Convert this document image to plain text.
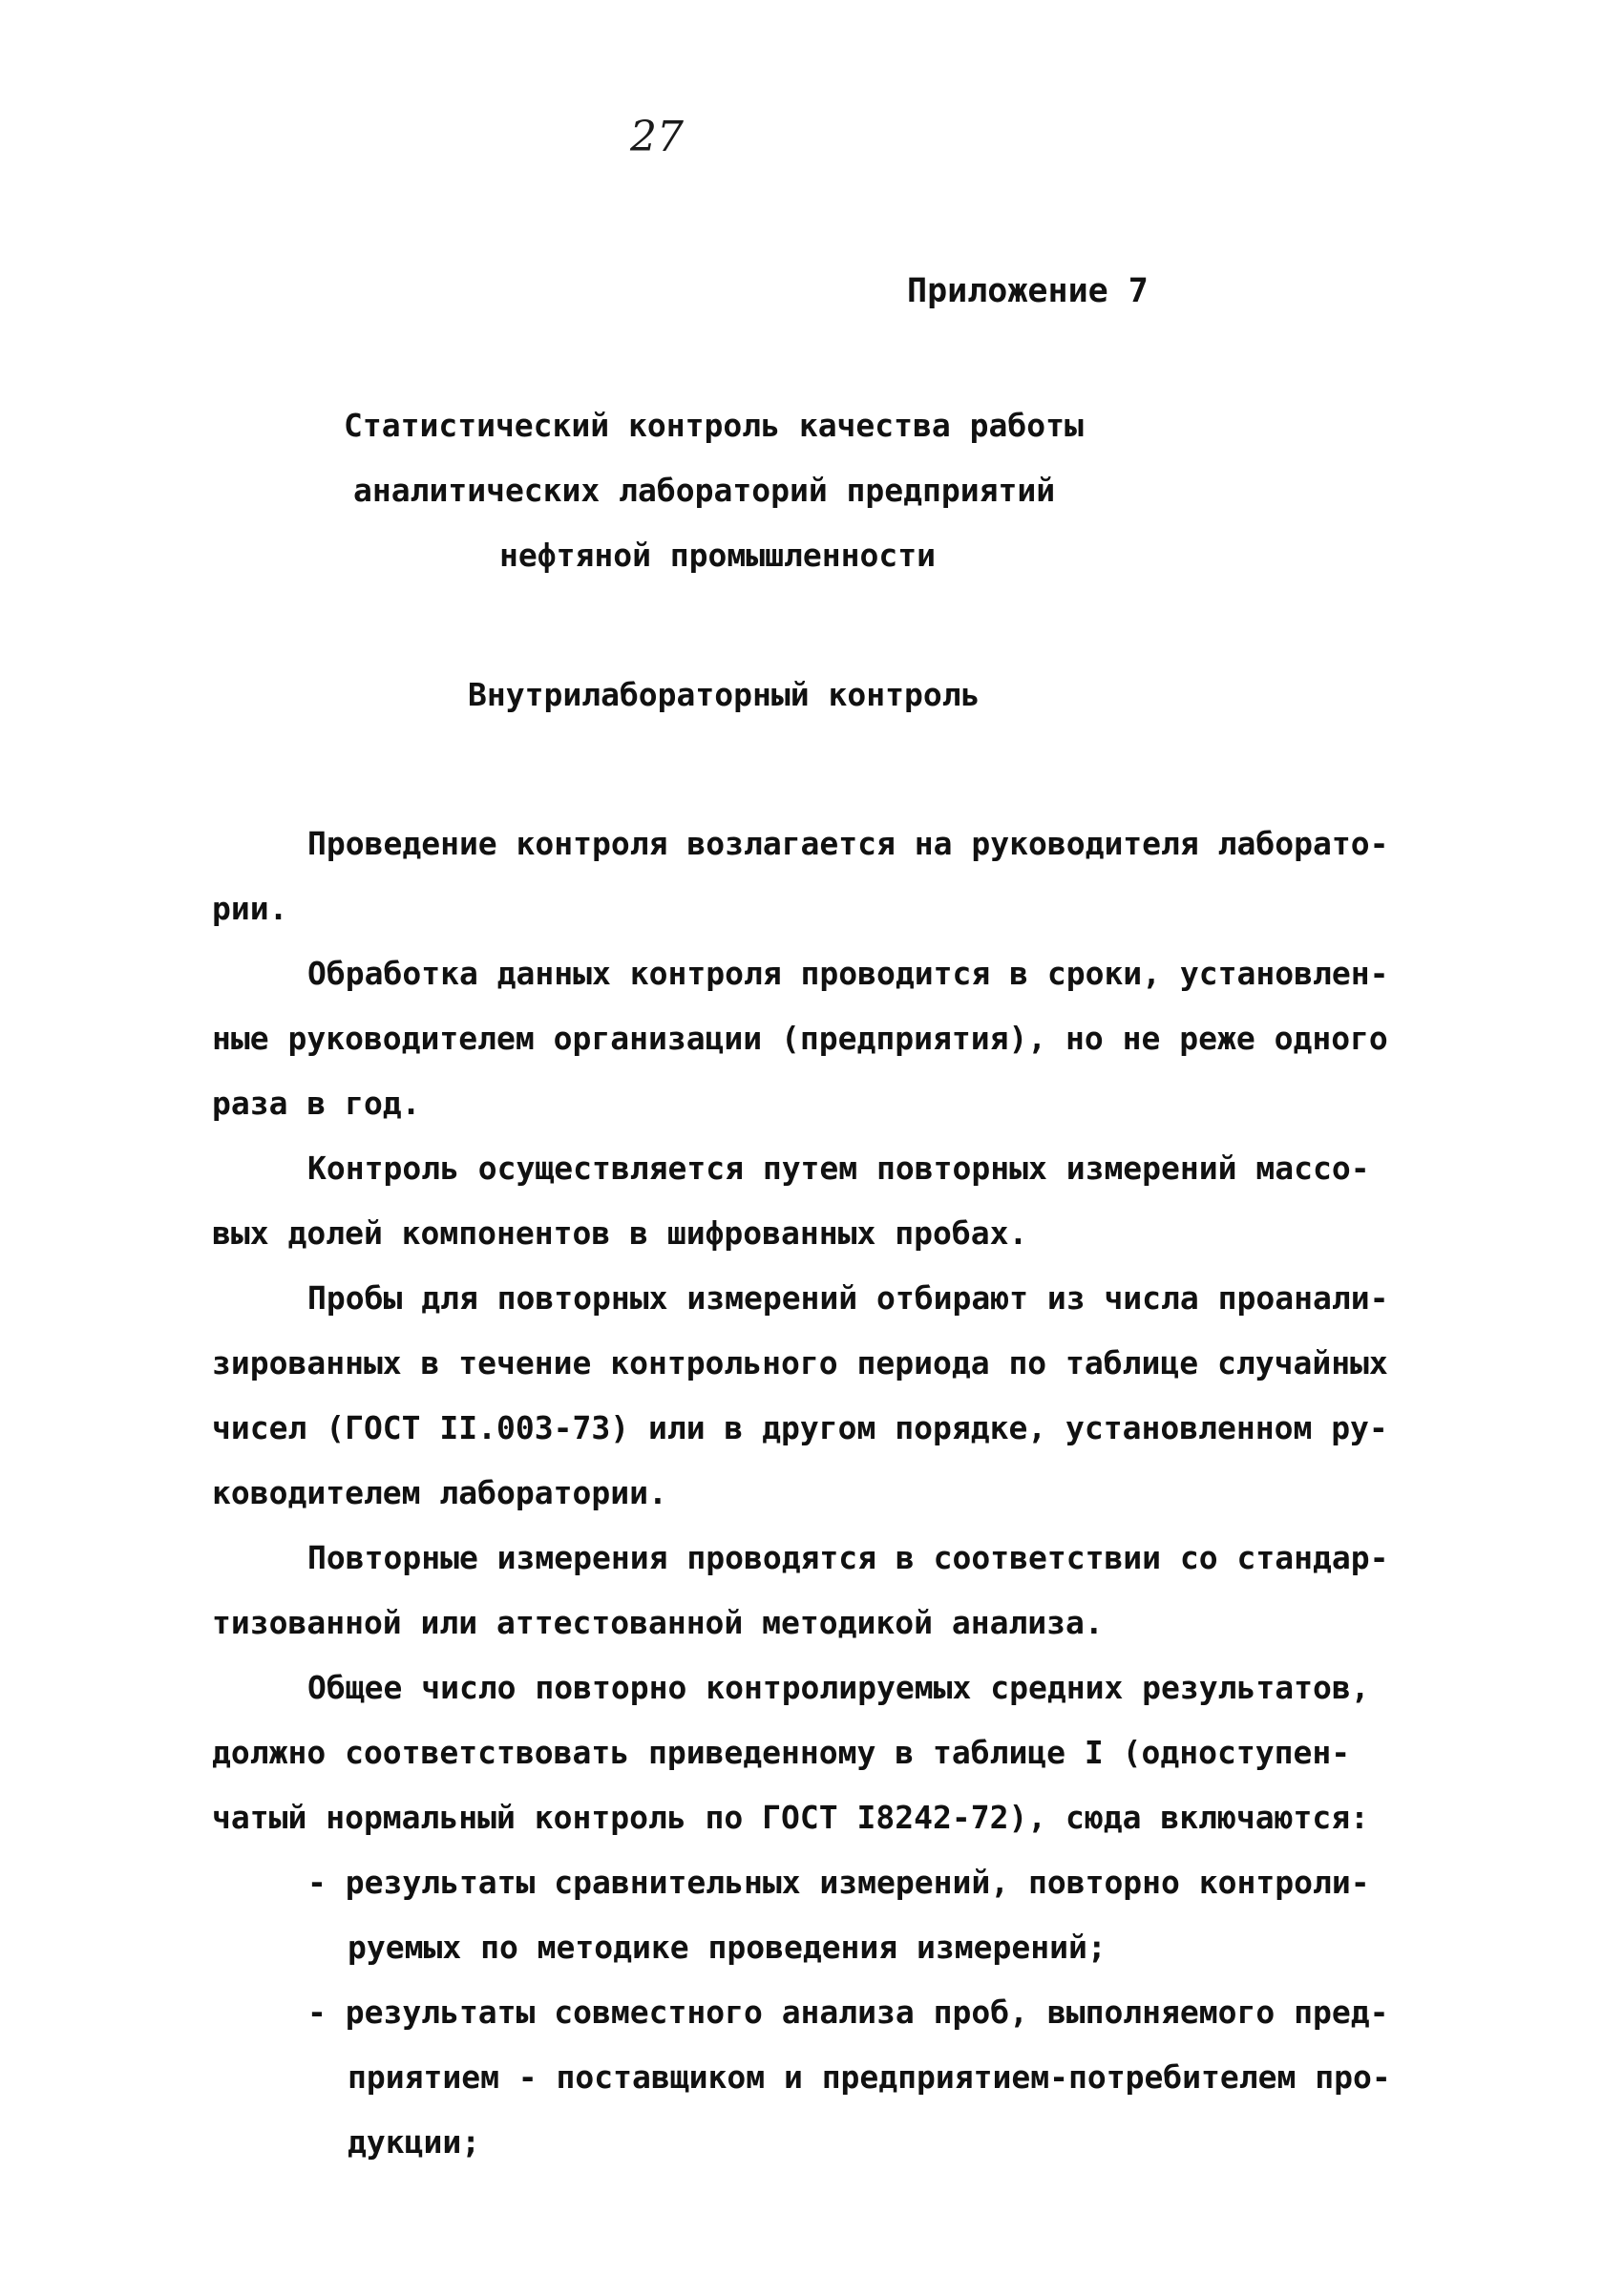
27
Приложение 7
Статистический контроль качества работы
аналитических лабораторий предприятий
нефтяной промышленности
Внутрилабораторный контроль
Проведение контроля возлагается на руководителя лаборато-
рии.
Обработка данных контроля проводится в сроки, установлен-
ные руководителем организации (предприятия), но не реже одного
раза в год.
Контроль осуществляется путем повторных измерений массо-
вых долей компонентов в шифрованных пробах.
Пробы для повторных измерений отбирают из числа проанали-
зированных в течение контрольного периода по таблице случайных
чисел (ГОСТ II.003-73) или в другом порядке, установленном ру-
ководителем лаборатории.
Повторные измерения проводятся в соответствии со стандар-
тизованной или аттестованной методикой анализа.
Общее число повторно контролируемых средних результатов,
должно соответствовать приведенному в таблице I (одноступен-
чатый нормальный контроль по ГОСТ I8242-72), сюда включаются:
- результаты сравнительных измерений, повторно контроли-
руемых по методике проведения измерений;
- результаты совместного анализа проб, выполняемого пред-
приятием - поставщиком и предприятием-потребителем про-
дукции;
